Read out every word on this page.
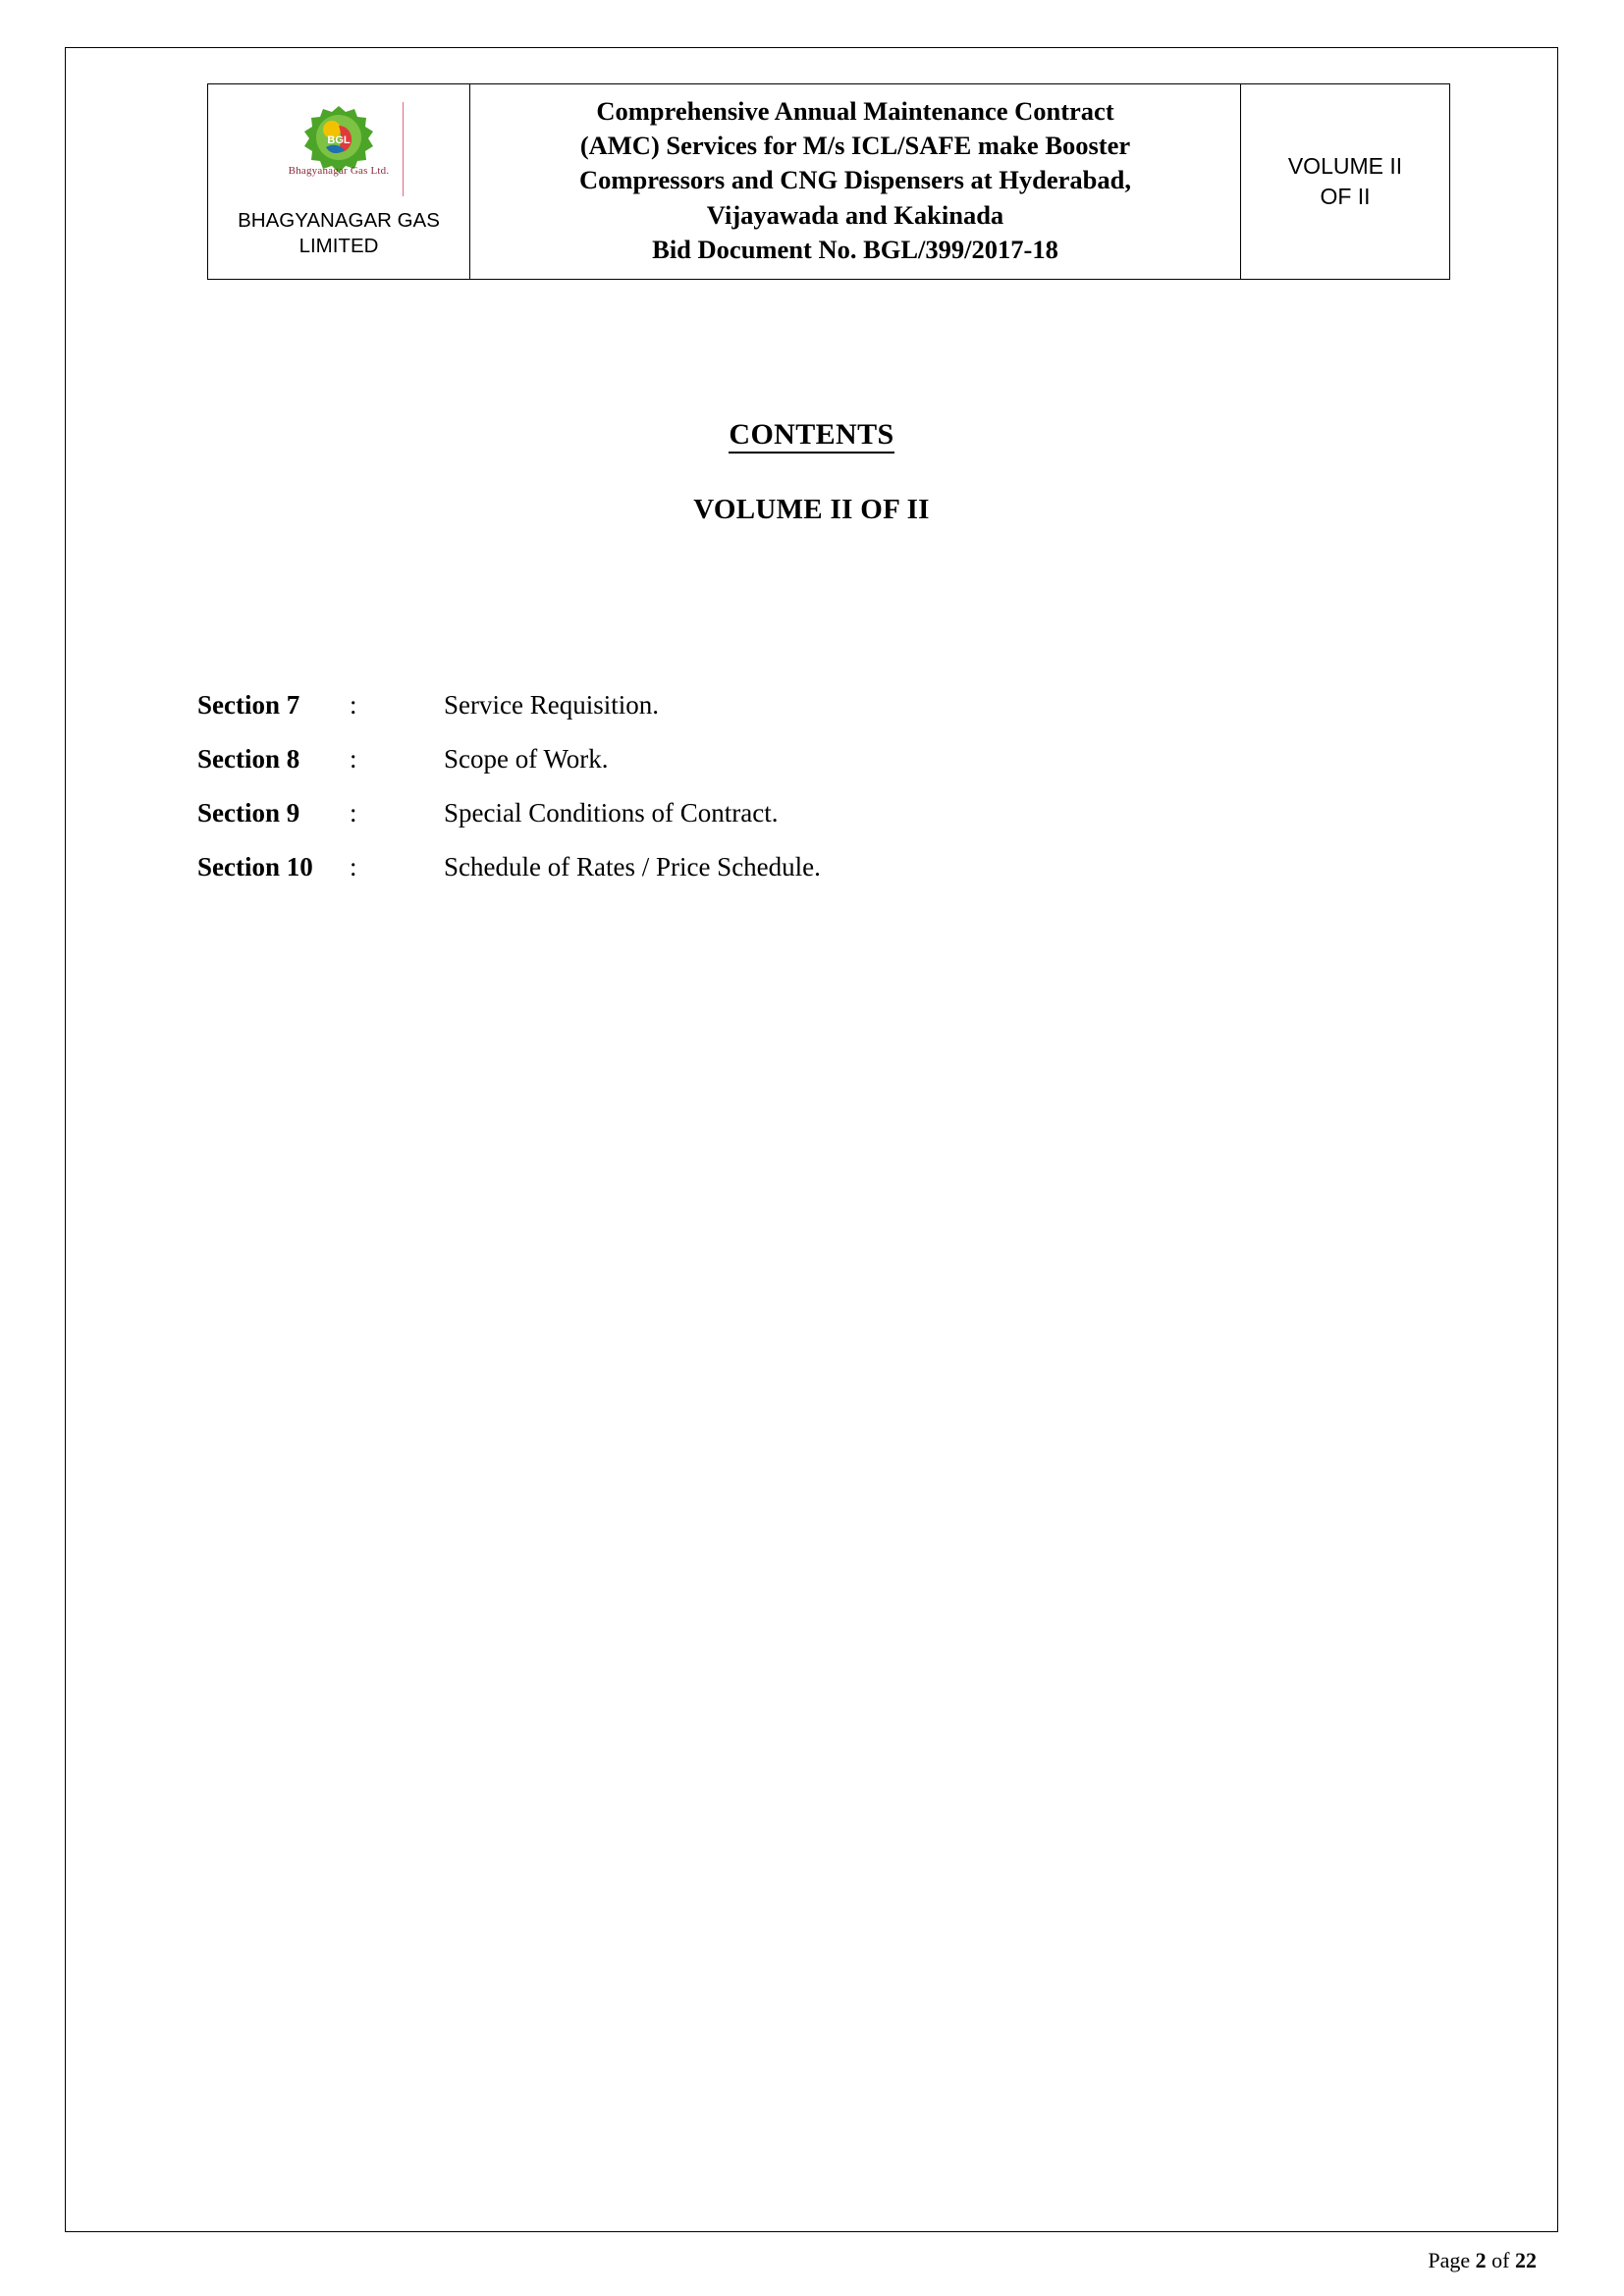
BGL
Bhagyanagar Gas Ltd.
BHAGYANAGAR GAS LIMITED

Comprehensive Annual Maintenance Contract
(AMC) Services for M/s ICL/SAFE make Booster
Compressors and CNG Dispensers at Hyderabad,
Vijayawada and Kakinada
Bid Document No. BGL/399/2017-18

VOLUME II
OF II
CONTENTS
VOLUME II OF II
Section 7	:	Service Requisition.
Section 8	:	Scope of Work.
Section 9	:	Special Conditions of Contract.
Section 10	:	Schedule of Rates / Price Schedule.
Page 2 of 22
